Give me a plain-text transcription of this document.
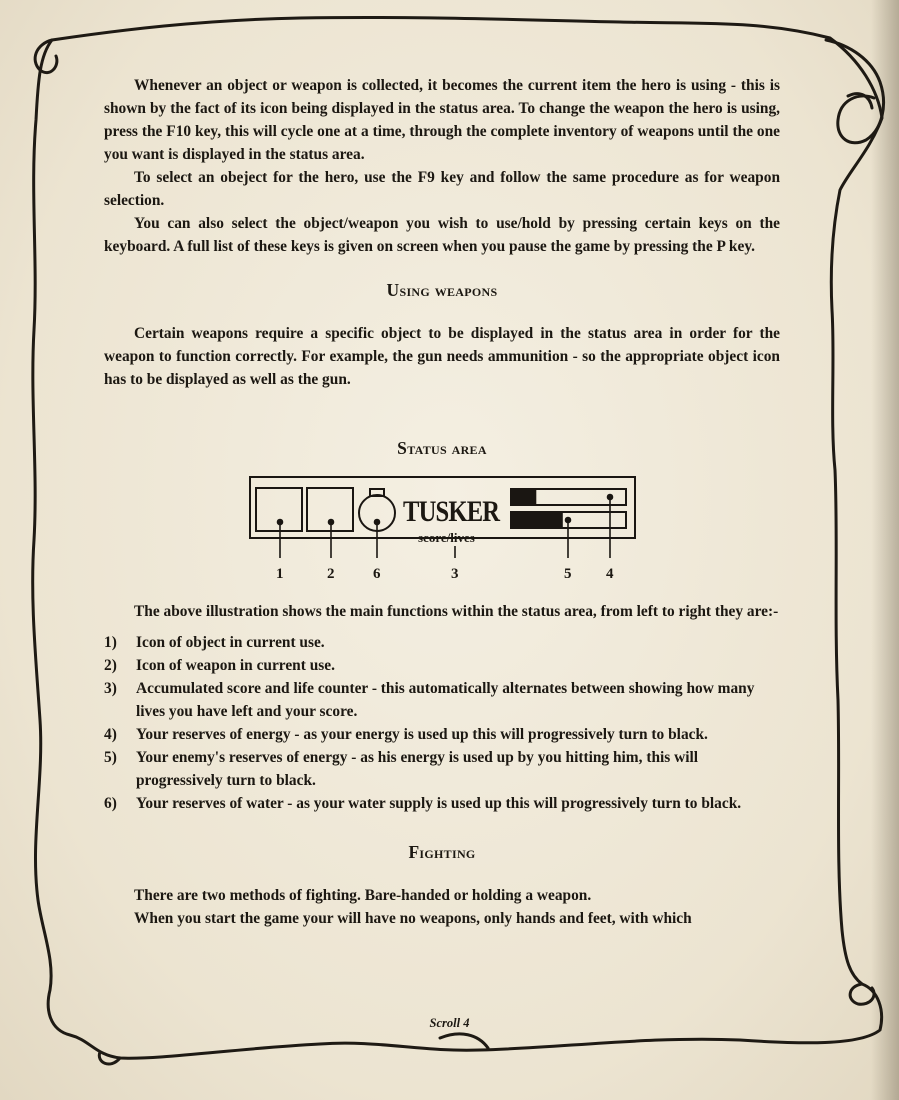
Whenever an object or weapon is collected, it becomes the current item the hero is using - this is shown by the fact of its icon being displayed in the status area. To change the weapon the hero is using, press the F10 key, this will cycle one at a time, through the complete inventory of weapons until the one you want is displayed in the status area.

To select an obeject for the hero, use the F9 key and follow the same procedure as for weapon selection.

You can also select the object/weapon you wish to use/hold by pressing certain keys on the keyboard. A full list of these keys is given on screen when you pause the game by pressing the P key.

Using weapons

Certain weapons require a specific object to be displayed in the status area in order for the weapon to function correctly. For example, the gun needs ammunition - so the appropriate object icon has to be displayed as well as the gun.

Status area
TUSKER
score/lives
1	2	6	3	5 4

The above illustration shows the main functions within the status area, from left to right they are:-

1)	Icon of object in current use.
2)	Icon of weapon in current use.
3)	Accumulated score and life counter - this automatically alternates between showing how many lives you have left and your score.
4)	Your reserves of energy - as your energy is used up this will progressively turn to black.
5)	Your enemy's reserves of energy - as his energy is used up by you hitting him, this will progressively turn to black.
6)	Your reserves of water - as your water supply is used up this will progressively turn to black.
Fighting

There are two methods of fighting. Bare-handed or holding a weapon.

When you start the game your will have no weapons, only hands and feet, with which

Scroll 4
